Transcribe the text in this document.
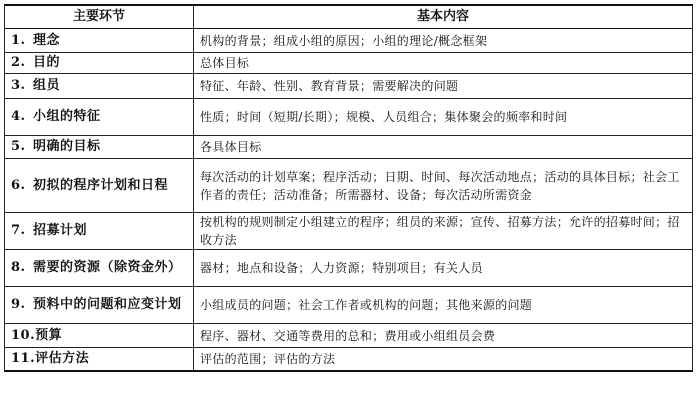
主要环节	基本内容
1. 理念	机构的背景；组成小组的原因；小组的理论/概念框架
2. 目的	总体目标
3. 组员	特征、年龄、性别、教育背景；需要解决的问题
4. 小组的特征	性质；时间（短期/长期）；规模、人员组合；集体聚会的频率和时间
5. 明确的目标	各具体目标
6. 初拟的程序计划和日程	每次活动的计划草案；程序活动；日期、时间、每次活动地点；活动的具体目标；社会工作者的责任；活动准备；所需器材、设备；每次活动所需资金
7. 招募计划	按机构的规则制定小组建立的程序；组员的来源；宣传、招募方法；允许的招募时间；招收方法
8. 需要的资源（除资金外）	器材；地点和设备；人力资源；特别项目；有关人员
9. 预料中的问题和应变计划	小组成员的问题；社会工作者或机构的问题；其他来源的问题
10.预算	程序、器材、交通等费用的总和；费用或小组组员会费
11.评估方法	评估的范围；评估的方法
